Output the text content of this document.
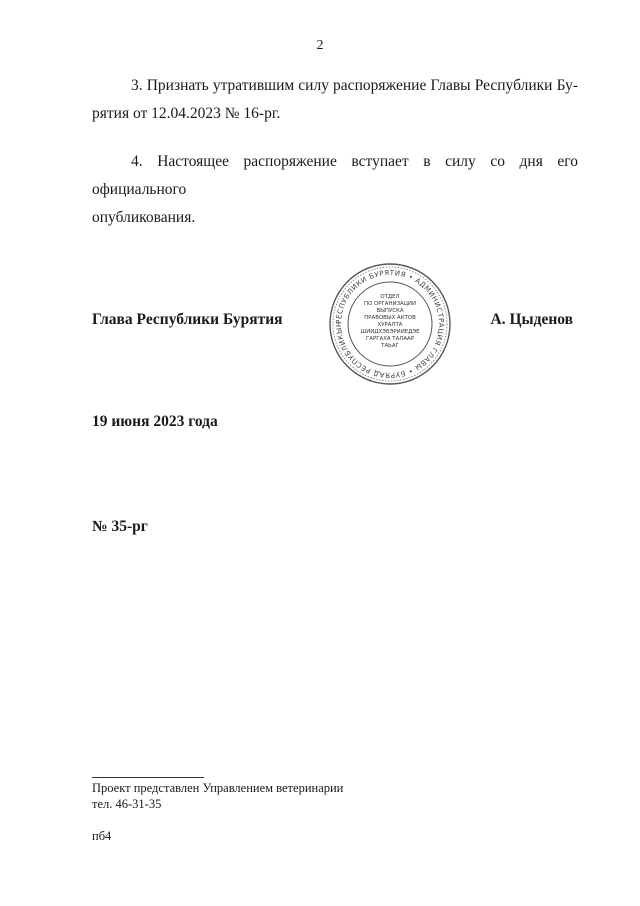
2
3. Признать утратившим силу распоряжение Главы Республики Бу-
рятия от 12.04.2023 № 16-рг.
4. Настоящее распоряжение вступает в силу со дня его официального
опубликования.
Глава Республики Бурятия	РЕСПУБЛИКИ БУРЯТИЯ • АДМИНИСТРАЦИЯ ГЛАВЫ • БУРЯАД РЕСПУБЛИКЫН
ОТДЕЛ
ПО ОРГАНИЗАЦИИ
ВЫПУСКА
ПРАВОВЫХ АКТОВ
ХУРАЛТА
ШИИДХЭБЭРИИЕДЭЕ
ГАРГАХА ТАЛААР
ТАЬАГ
А. Цыденов
19 июня 2023 года
№ 35-рг
Проект представлен Управлением ветеринарии
тел. 46-31-35
пб4
